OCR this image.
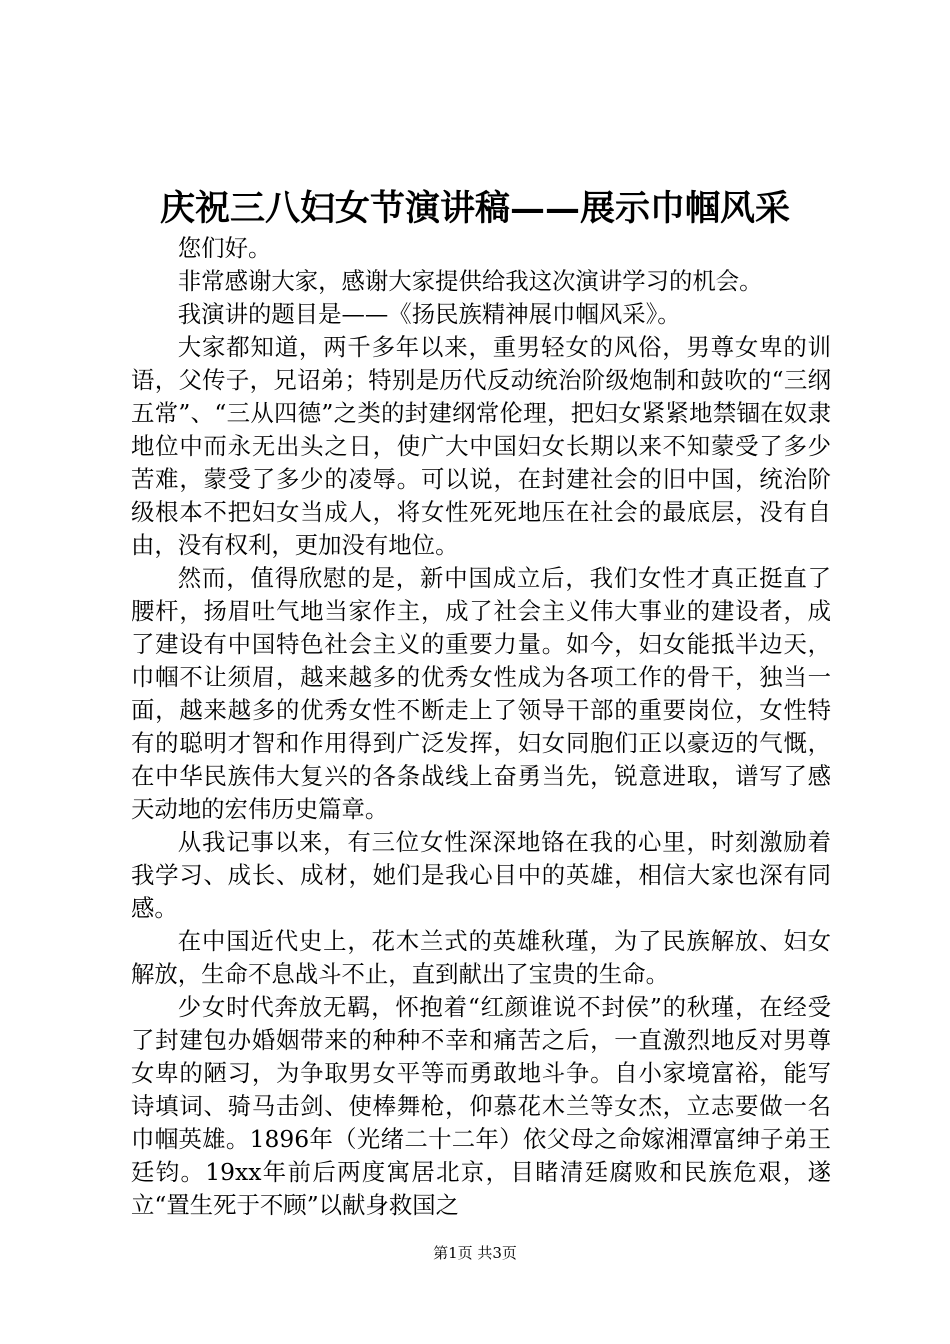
庆祝三八妇女节演讲稿——展示巾帼风采

您们好。

非常感谢大家，感谢大家提供给我这次演讲学习的机会。

我演讲的题目是——《扬民族精神展巾帼风采》。

大家都知道，两千多年以来，重男轻女的风俗，男尊女卑的训语，父传子，兄诏弟；特别是历代反动统治阶级炮制和鼓吹的“三纲五常”、“三从四德”之类的封建纲常伦理，把妇女紧紧地禁锢在奴隶地位中而永无出头之日，使广大中国妇女长期以来不知蒙受了多少苦难，蒙受了多少的凌辱。可以说，在封建社会的旧中国，统治阶级根本不把妇女当成人，将女性死死地压在社会的最底层，没有自由，没有权利，更加没有地位。

然而，值得欣慰的是，新中国成立后，我们女性才真正挺直了腰杆，扬眉吐气地当家作主，成了社会主义伟大事业的建设者，成了建设有中国特色社会主义的重要力量。如今，妇女能抵半边天，巾帼不让须眉，越来越多的优秀女性成为各项工作的骨干，独当一面，越来越多的优秀女性不断走上了领导干部的重要岗位，女性特有的聪明才智和作用得到广泛发挥，妇女同胞们正以豪迈的气慨，在中华民族伟大复兴的各条战线上奋勇当先，锐意进取，谱写了感天动地的宏伟历史篇章。

从我记事以来，有三位女性深深地铬在我的心里，时刻激励着我学习、成长、成材，她们是我心目中的英雄，相信大家也深有同感。

在中国近代史上，花木兰式的英雄秋瑾，为了民族解放、妇女解放，生命不息战斗不止，直到献出了宝贵的生命。

少女时代奔放无羁，怀抱着“红颜谁说不封侯”的秋瑾，在经受了封建包办婚姻带来的种种不幸和痛苦之后，一直激烈地反对男尊女卑的陋习，为争取男女平等而勇敢地斗争。自小家境富裕，能写诗填词、骑马击剑、使棒舞枪，仰慕花木兰等女杰，立志要做一名巾帼英雄。1896年（光绪二十二年）依父母之命嫁湘潭富绅子弟王廷钧。19xx年前后两度寓居北京，目睹清廷腐败和民族危艰，遂立“置生死于不顾”以献身救国之

第1页 共3页
